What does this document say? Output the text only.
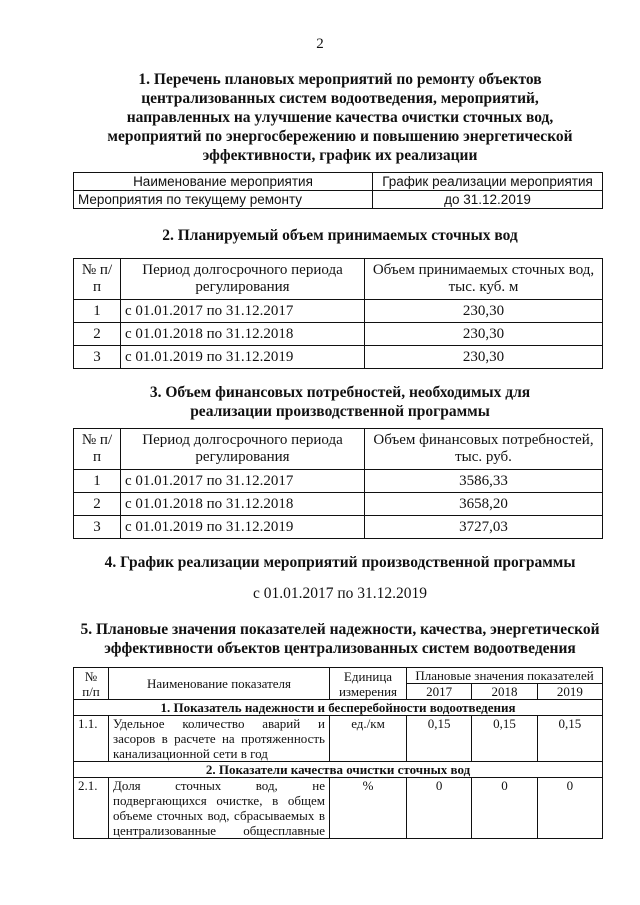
2
1. Перечень плановых мероприятий по ремонту объектов
централизованных систем водоотведения, мероприятий,
направленных на улучшение качества очистки сточных вод,
мероприятий по энергосбережению и повышению энергетической
эффективности, график их реализации
Наименование мероприятия	График реализации мероприятия
Мероприятия по текущему ремонту	до 31.12.2019
2. Планируемый объем принимаемых сточных вод
№ п/п	Период долгосрочного периода регулирования	Объем принимаемых сточных вод, тыс. куб. м
1	с 01.01.2017 по 31.12.2017	230,30
2	с 01.01.2018 по 31.12.2018	230,30
3	с 01.01.2019 по 31.12.2019	230,30
3. Объем финансовых потребностей, необходимых для
реализации производственной программы
№ п/п	Период долгосрочного периода регулирования	Объем финансовых потребностей, тыс. руб.
1	с 01.01.2017 по 31.12.2017	3586,33
2	с 01.01.2018 по 31.12.2018	3658,20
3	с 01.01.2019 по 31.12.2019	3727,03
4. График реализации мероприятий производственной программы
с 01.01.2017 по 31.12.2019
5. Плановые значения показателей надежности, качества, энергетической
эффективности объектов централизованных систем водоотведения
№ п/п	Наименование показателя	Единица измерения	Плановые значения показателей		
			2017	2018	2019
1. Показатель надежности и бесперебойности водоотведения					
1.1.	Удельное количество аварий и
засоров в расчете на протяженность
канализационной сети в год	ед./км	0,15	0,15	0,15
2. Показатели качества очистки сточных вод					
2.1.	Доля сточных вод, не
подвергающихся очистке, в общем
объеме сточных вод, сбрасываемых в
централизованные общесплавные	%	0	0	0
